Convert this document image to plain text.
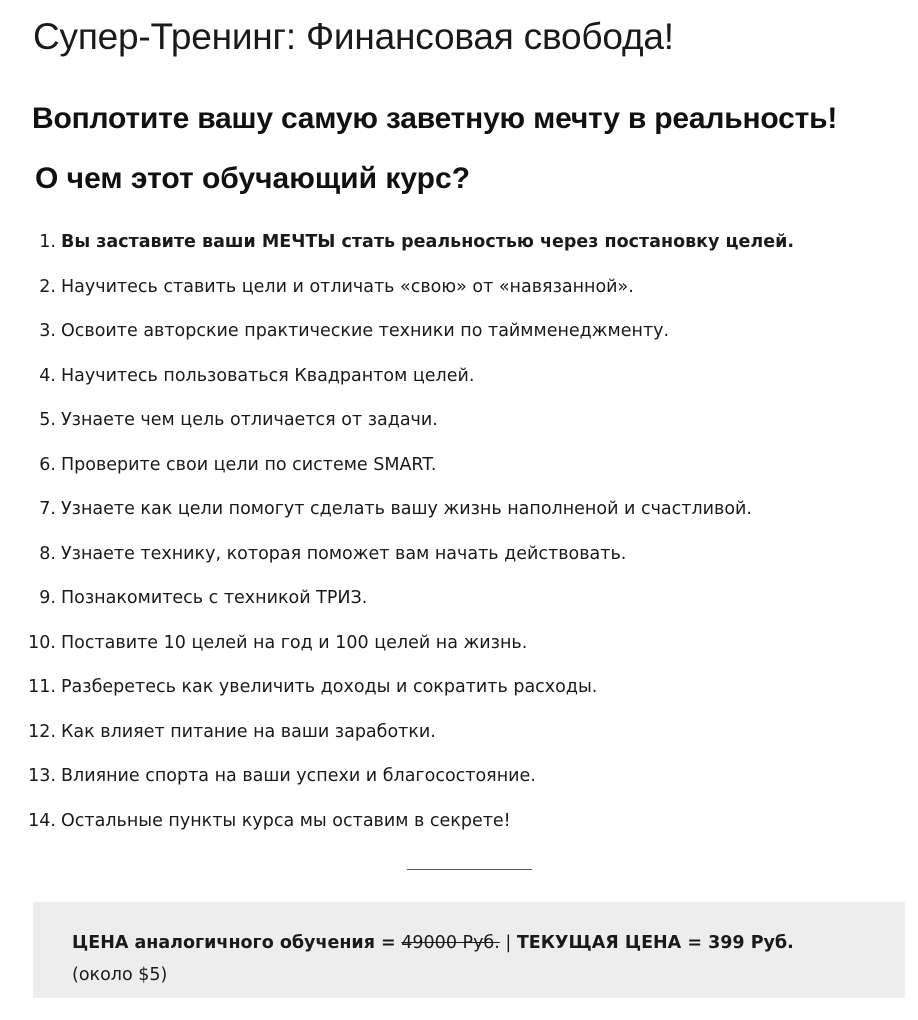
Супер-Тренинг: Финансовая свобода!
Воплотите вашу самую заветную мечту в реальность!
О чем этот обучающий курс?
1. Вы заставите ваши МЕЧТЫ стать реальностью через постановку целей.
2. Научитесь ставить цели и отличать «свою» от «навязанной».
3. Освоите авторские практические техники по таймменеджменту.
4. Научитесь пользоваться Квадрантом целей.
5. Узнаете чем цель отличается от задачи.
6. Проверите свои цели по системе SMART.
7. Узнаете как цели помогут сделать вашу жизнь наполненой и счастливой.
8. Узнаете технику, которая поможет вам начать действовать.
9. Познакомитесь с техникой ТРИЗ.
10. Поставите 10 целей на год и 100 целей на жизнь.
11. Разберетесь как увеличить доходы и сократить расходы.
12. Как влияет питание на ваши заработки.
13. Влияние спорта на ваши успехи и благосостояние.
14. Остальные пункты курса мы оставим в секрете!
ЦЕНА аналогичного обучения = 49000 Руб. | ТЕКУЩАЯ ЦЕНА = 399 Руб.
(около $5)
